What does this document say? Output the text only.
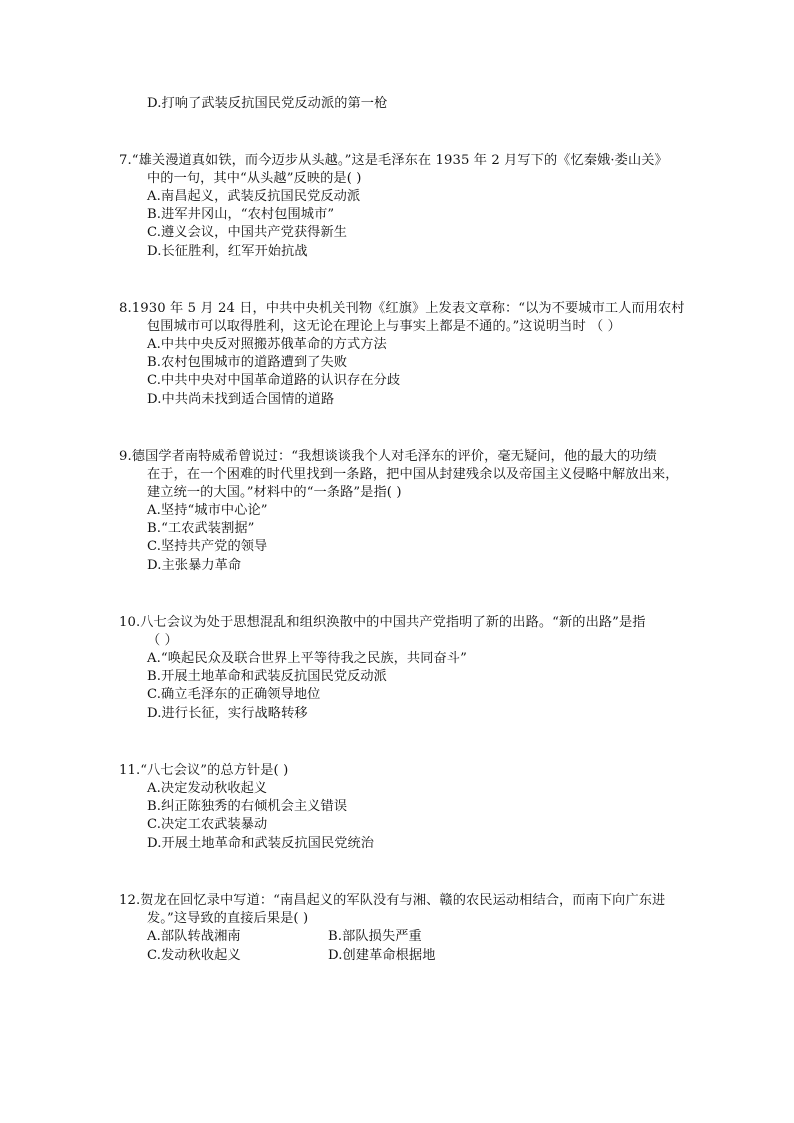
D.打响了武装反抗国民党反动派的第一枪
7.“雄关漫道真如铁，而今迈步从头越。”这是毛泽东在 1935 年 2 月写下的《忆秦娥·娄山关》
中的一句，其中“从头越”反映的是( )
A.南昌起义，武装反抗国民党反动派
B.进军井冈山，“农村包围城市”
C.遵义会议，中国共产党获得新生
D.长征胜利，红军开始抗战
8.1930 年 5 月 24 日，中共中央机关刊物《红旗》上发表文章称：“以为不要城市工人而用农村
包围城市可以取得胜利，这无论在理论上与事实上都是不通的。”这说明当时 （ ）
A.中共中央反对照搬苏俄革命的方式方法
B.农村包围城市的道路遭到了失败
C.中共中央对中国革命道路的认识存在分歧
D.中共尚未找到适合国情的道路
9.德国学者南特威希曾说过：“我想谈谈我个人对毛泽东的评价，毫无疑问，他的最大的功绩
在于，在一个困难的时代里找到一条路，把中国从封建残余以及帝国主义侵略中解放出来，
建立统一的大国。”材料中的“一条路”是指( )
A.坚持“城市中心论”
B.“工农武装割据”
C.坚持共产党的领导
D.主张暴力革命
10.八七会议为处于思想混乱和组织涣散中的中国共产党指明了新的出路。“新的出路”是指
（ ）
A.“唤起民众及联合世界上平等待我之民族，共同奋斗”
B.开展土地革命和武装反抗国民党反动派
C.确立毛泽东的正确领导地位
D.进行长征，实行战略转移
11.“八七会议”的总方针是( )
A.决定发动秋收起义
B.纠正陈独秀的右倾机会主义错误
C.决定工农武装暴动
D.开展土地革命和武装反抗国民党统治
12.贺龙在回忆录中写道：“南昌起义的军队没有与湘、赣的农民运动相结合，而南下向广东进
发。”这导致的直接后果是( )
A.部队转战湘南	B.部队损失严重
C.发动秋收起义	D.创建革命根据地
